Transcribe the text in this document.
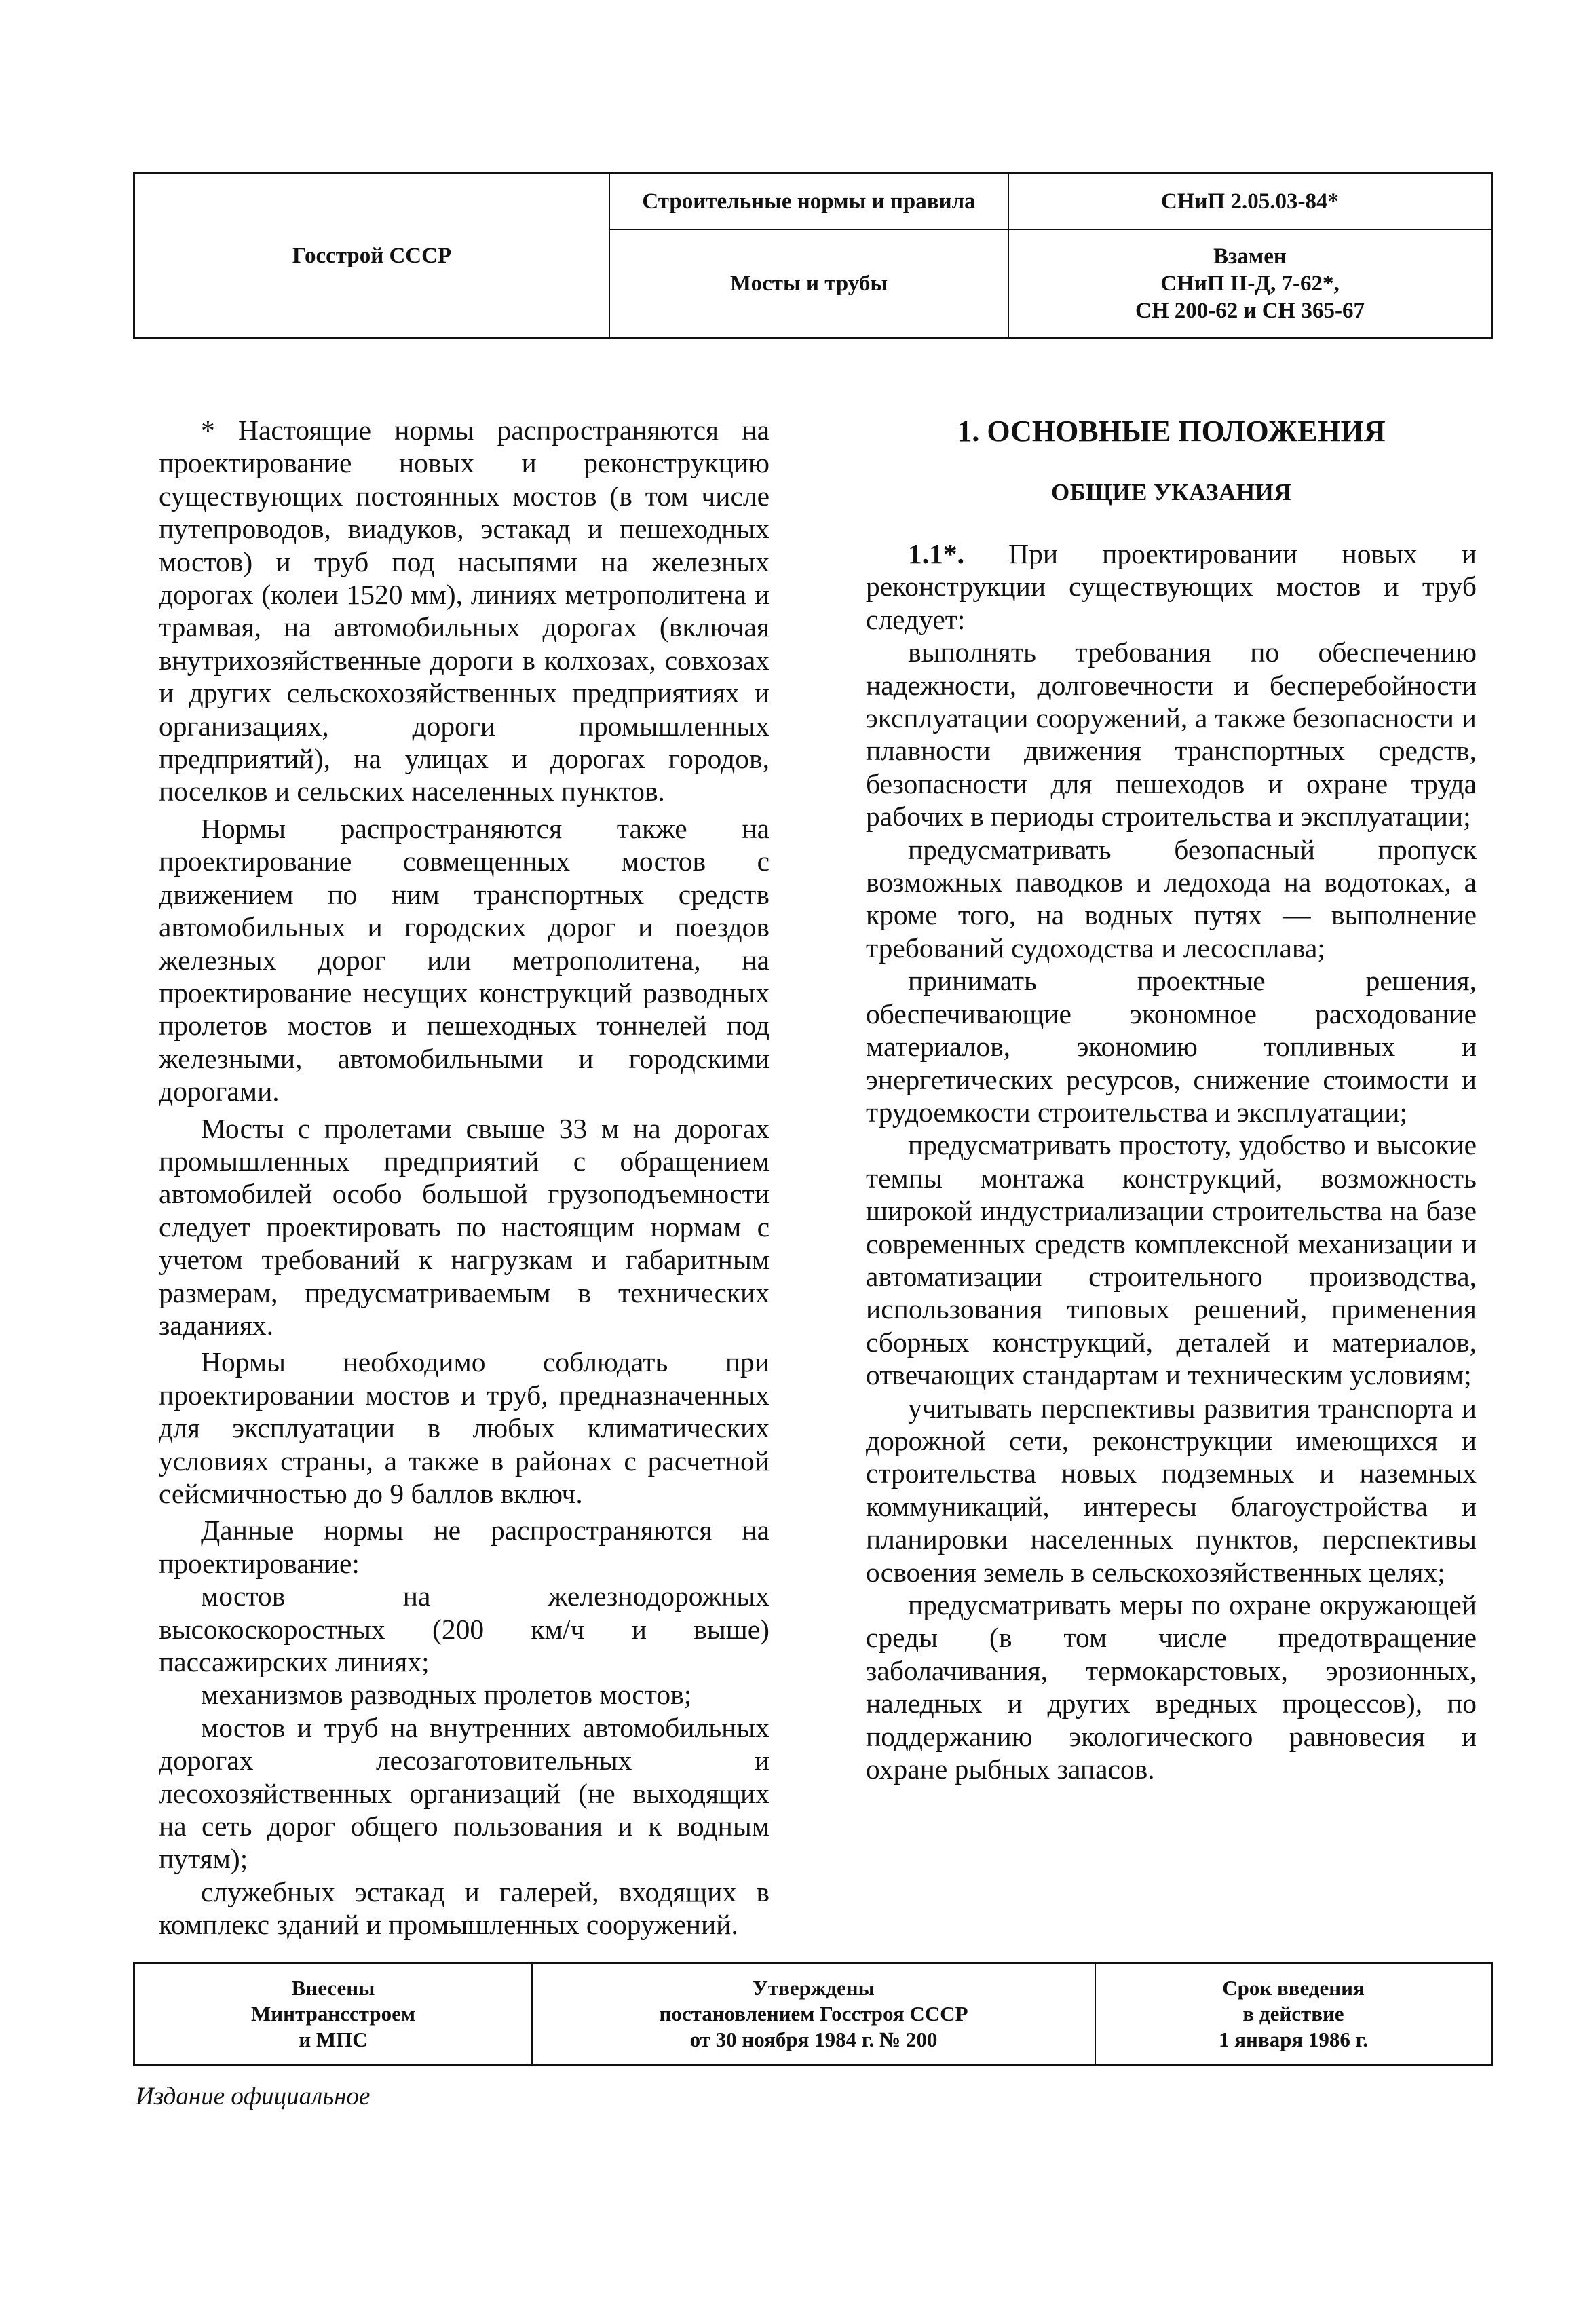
Госстрой СССР
Строительные нормы и правила	СНиП 2.05.03-84*
Мосты и трубы
Взамен
СНиП II-Д, 7-62*,
СН 200-62 и СН 365-67

* Настоящие нормы распространяются на проектирование новых и реконструкцию существующих постоянных мостов (в том числе путепроводов, виадуков, эстакад и пешеходных мостов) и труб под насыпями на железных дорогах (колеи 1520 мм), линиях метрополитена и трамвая, на автомобильных дорогах (включая внутрихозяйственные дороги в колхозах, совхозах и других сельскохозяйственных предприятиях и организациях, дороги промышленных предприятий), на улицах и дорогах городов, поселков и сельских населенных пунктов.

Нормы распространяются также на проектирование совмещенных мостов с движением по ним транспортных средств автомобильных и городских дорог и поездов железных дорог или метрополитена, на проектирование несущих конструкций разводных пролетов мостов и пешеходных тоннелей под железными, автомобильными и городскими дорогами.

Мосты с пролетами свыше 33 м на дорогах промышленных предприятий с обращением автомобилей особо большой грузоподъемности следует проектировать по настоящим нормам с учетом требований к нагрузкам и габаритным размерам, предусматриваемым в технических заданиях.

Нормы необходимо соблюдать при проектировании мостов и труб, предназначенных для эксплуатации в любых климатических условиях страны, а также в районах с расчетной сейсмичностью до 9 баллов включ.

Данные нормы не распространяются на проектирование:

мостов на железнодорожных высокоскоростных (200 км/ч и выше) пассажирских линиях;

механизмов разводных пролетов мостов;

мостов и труб на внутренних автомобильных дорогах лесозаготовительных и лесохозяйственных организаций (не выходящих на сеть дорог общего пользования и к водным путям);

служебных эстакад и галерей, входящих в комплекс зданий и промышленных сооружений.

1. ОСНОВНЫЕ ПОЛОЖЕНИЯ
ОБЩИЕ УКАЗАНИЯ

1.1*. При проектировании новых и реконструкции существующих мостов и труб следует:

выполнять требования по обеспечению надежности, долговечности и бесперебойности эксплуатации сооружений, а также безопасности и плавности движения транспортных средств, безопасности для пешеходов и охране труда рабочих в периоды строительства и эксплуатации;

предусматривать безопасный пропуск возможных паводков и ледохода на водотоках, а кроме того, на водных путях — выполнение требований судоходства и лесосплава;

принимать проектные решения, обеспечивающие экономное расходование материалов, экономию топливных и энергетических ресурсов, снижение стоимости и трудоемкости строительства и эксплуатации;

предусматривать простоту, удобство и высокие темпы монтажа конструкций, возможность широкой индустриализации строительства на базе современных средств комплексной механизации и автоматизации строительного производства, использования типовых решений, применения сборных конструкций, деталей и материалов, отвечающих стандартам и техническим условиям;

учитывать перспективы развития транспорта и дорожной сети, реконструкции имеющихся и строительства новых подземных и наземных коммуникаций, интересы благоустройства и планировки населенных пунктов, перспективы освоения земель в сельскохозяйственных целях;

предусматривать меры по охране окружающей среды (в том числе предотвращение заболачивания, термокарстовых, эрозионных, наледных и других вредных процессов), по поддержанию экологического равновесия и охране рыбных запасов.

Внесены
Минтрансстроем
и МПС
Утверждены
постановлением Госстроя СССР
от 30 ноября 1984 г. № 200
Срок введения
в действие
1 января 1986 г.
Издание официальное
